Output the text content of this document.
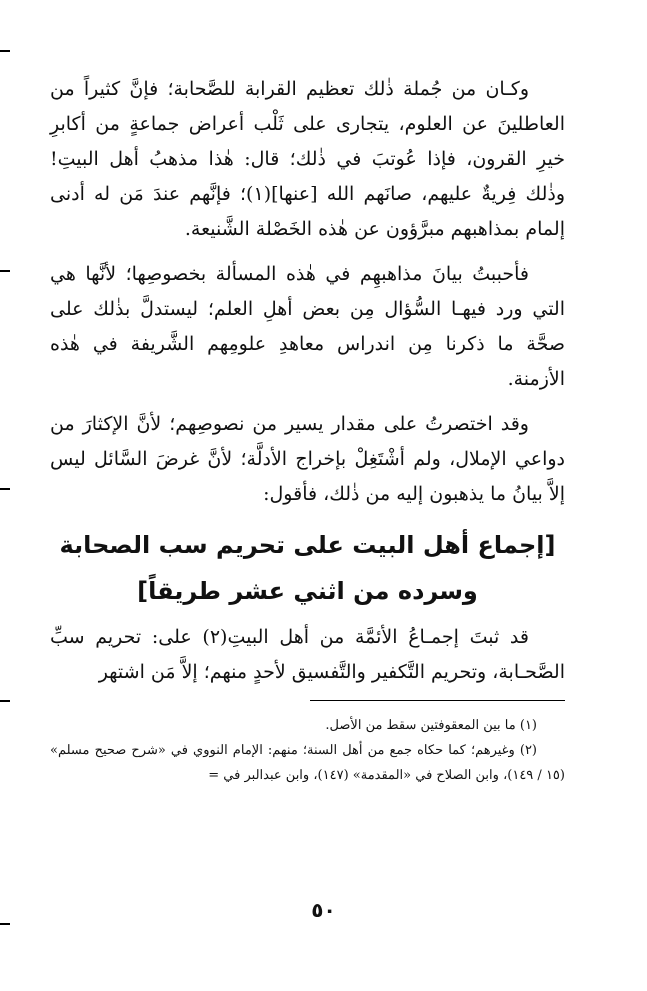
وكـان من جُملة ذٰلك تعظيم القرابة للصَّحابة؛ فإنَّ كثيراً من العاطلينَ عن العلوم، يتجارى على ثَلْب أعراض جماعةٍ من أكابرِ خيرِ القرون، فإذا عُوتبَ في ذٰلك؛ قال: هٰذا مذهبُ أهل البيتِ! وذٰلك فِريةٌ عليهم، صانَهم الله [عنها](١)؛ فإنَّهم عندَ مَن له أدنى إلمام بمذاهبهم مبرَّؤون عن هٰذه الخَصْلة الشَّنيعة.

فأحببتُ بيانَ مذاهبهِم في هٰذه المسألة بخصوصِها؛ لأنَّها هي التي ورد فيهـا السُّؤال مِن بعض أهلِ العلم؛ ليستدلَّ بذٰلك على صحَّة ما ذكرنا مِن اندراس معاهدِ علومِهم الشَّريفة في هٰذه الأزمنة.

وقد اختصرتُ على مقدار يسير من نصوصِهم؛ لأنَّ الإكثارَ من دواعي الإملال، ولم أشْتَغِلْ بإخراج الأدلَّة؛ لأنَّ غرضَ السَّائل ليس إلاَّ بيانُ ما يذهبون إليه من ذٰلك، فأقول:

[إجماع أهل البيت على تحريم سب الصحابة
وسرده من اثني عشر طريقاً]

قد ثبتَ إجمـاعُ الأئمَّة من أهل البيتِ(٢) على: تحريم سبِّ الصَّحـابة، وتحريم التَّكفير والتَّفسيق لأحدٍ منهم؛ إلاَّ مَن اشتهر

(١) ما بين المعقوفتين سقط من الأصل.

(٢) وغيرهم؛ كما حكاه جمع من أهل السنة؛ منهم: الإمام النووي في «شرح صحيح مسلم» (١٥ / ١٤٩)، وابن الصلاح في «المقدمة» (١٤٧)، وابن عبدالبر في =

٥٠
